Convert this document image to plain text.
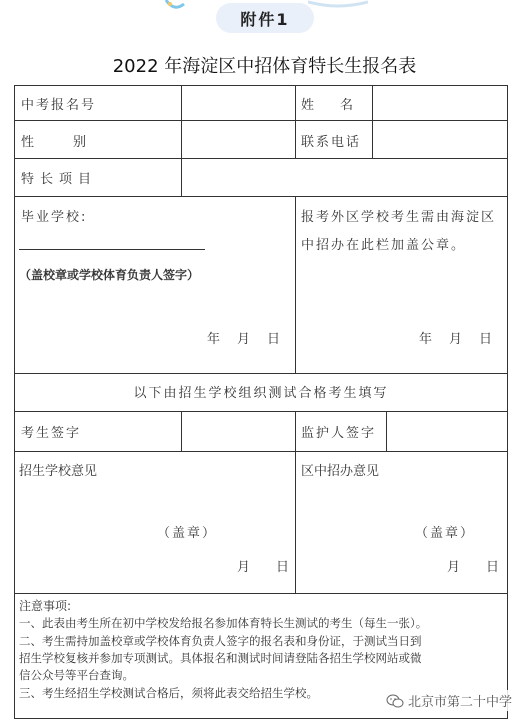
附件1
2022 年海淀区中招体育特长生报名表
中考报名号	姓　　名
性　　　别	联系电话
特长项目
毕业学校:
（盖校章或学校体育负责人签字）
年　月　日
报考外区学校考生需由海淀区
中招办在此栏加盖公章。
年　月　日
以下由招生学校组织测试合格考生填写
考生签字	监护人签字
招生学校意见
（盖章）
月　　日
区中招办意见
（盖章）
月　　日
注意事项:
一、此表由考生所在初中学校发给报名参加体育特长生测试的考生（每生一张）。
二、考生需持加盖校章或学校体育负责人签字的报名表和身份证，于测试当日到
招生学校复核并参加专项测试。具体报名和测试时间请登陆各招生学校网站或微
信公众号等平台查询。
三、考生经招生学校测试合格后，须将此表交给招生学校。
北京市第二十中学
